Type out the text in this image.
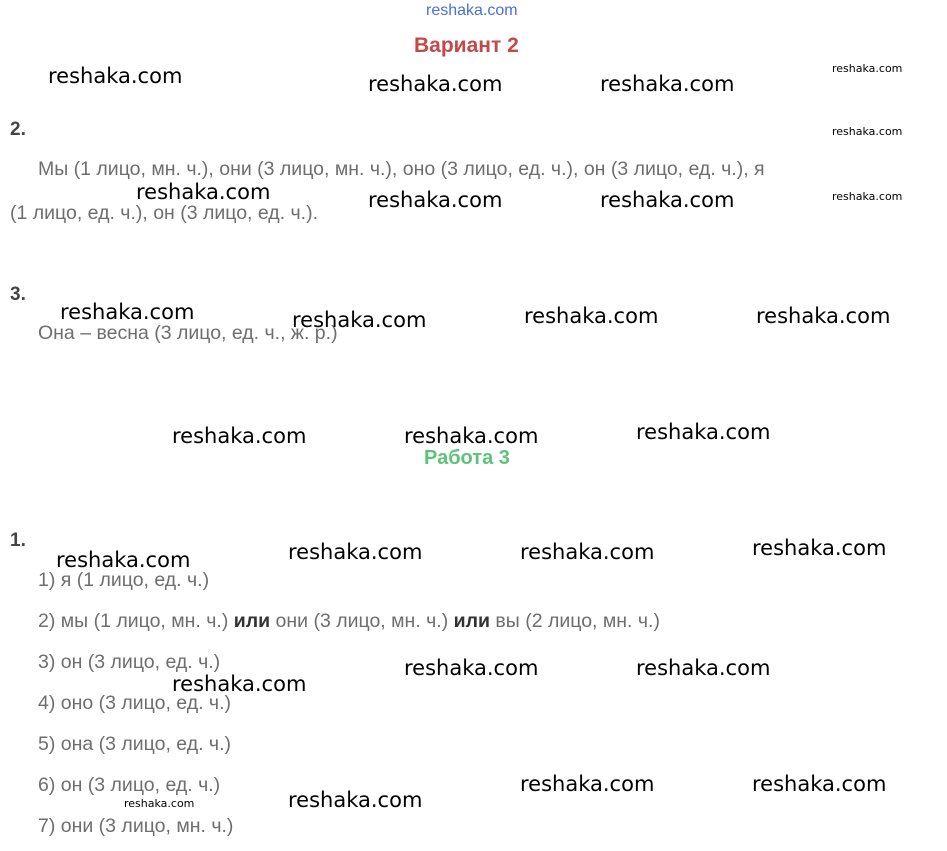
reshaka.com
Вариант 2
2.
Мы (1 лицо, мн. ч.), они (3 лицо, мн. ч.), оно (3 лицо, ед. ч.), он (3 лицо, ед. ч.), я
(1 лицо, ед. ч.), он (3 лицо, ед. ч.).
3.
Она – весна (3 лицо, ед. ч., ж. р.)
Работа 3
1.
1) я (1 лицо, ед. ч.)
2) мы (1 лицо, мн. ч.) или они (3 лицо, мн. ч.) или вы (2 лицо, мн. ч.)
3) он (3 лицо, ед. ч.)
4) оно (3 лицо, ед. ч.)
5) она (3 лицо, ед. ч.)
6) он (3 лицо, ед. ч.)
7) они (3 лицо, мн. ч.)
reshaka.com	reshaka.com	reshaka.com
reshaka.com	reshaka.com	reshaka.com
reshaka.com	reshaka.com	reshaka.com	reshaka.com
reshaka.com	reshaka.com	reshaka.com
reshaka.com	reshaka.com	reshaka.com	reshaka.com
reshaka.com	reshaka.com
reshaka.com
reshaka.com	reshaka.com
reshaka.com
reshaka.com
reshaka.com
reshaka.com
reshaka.com
